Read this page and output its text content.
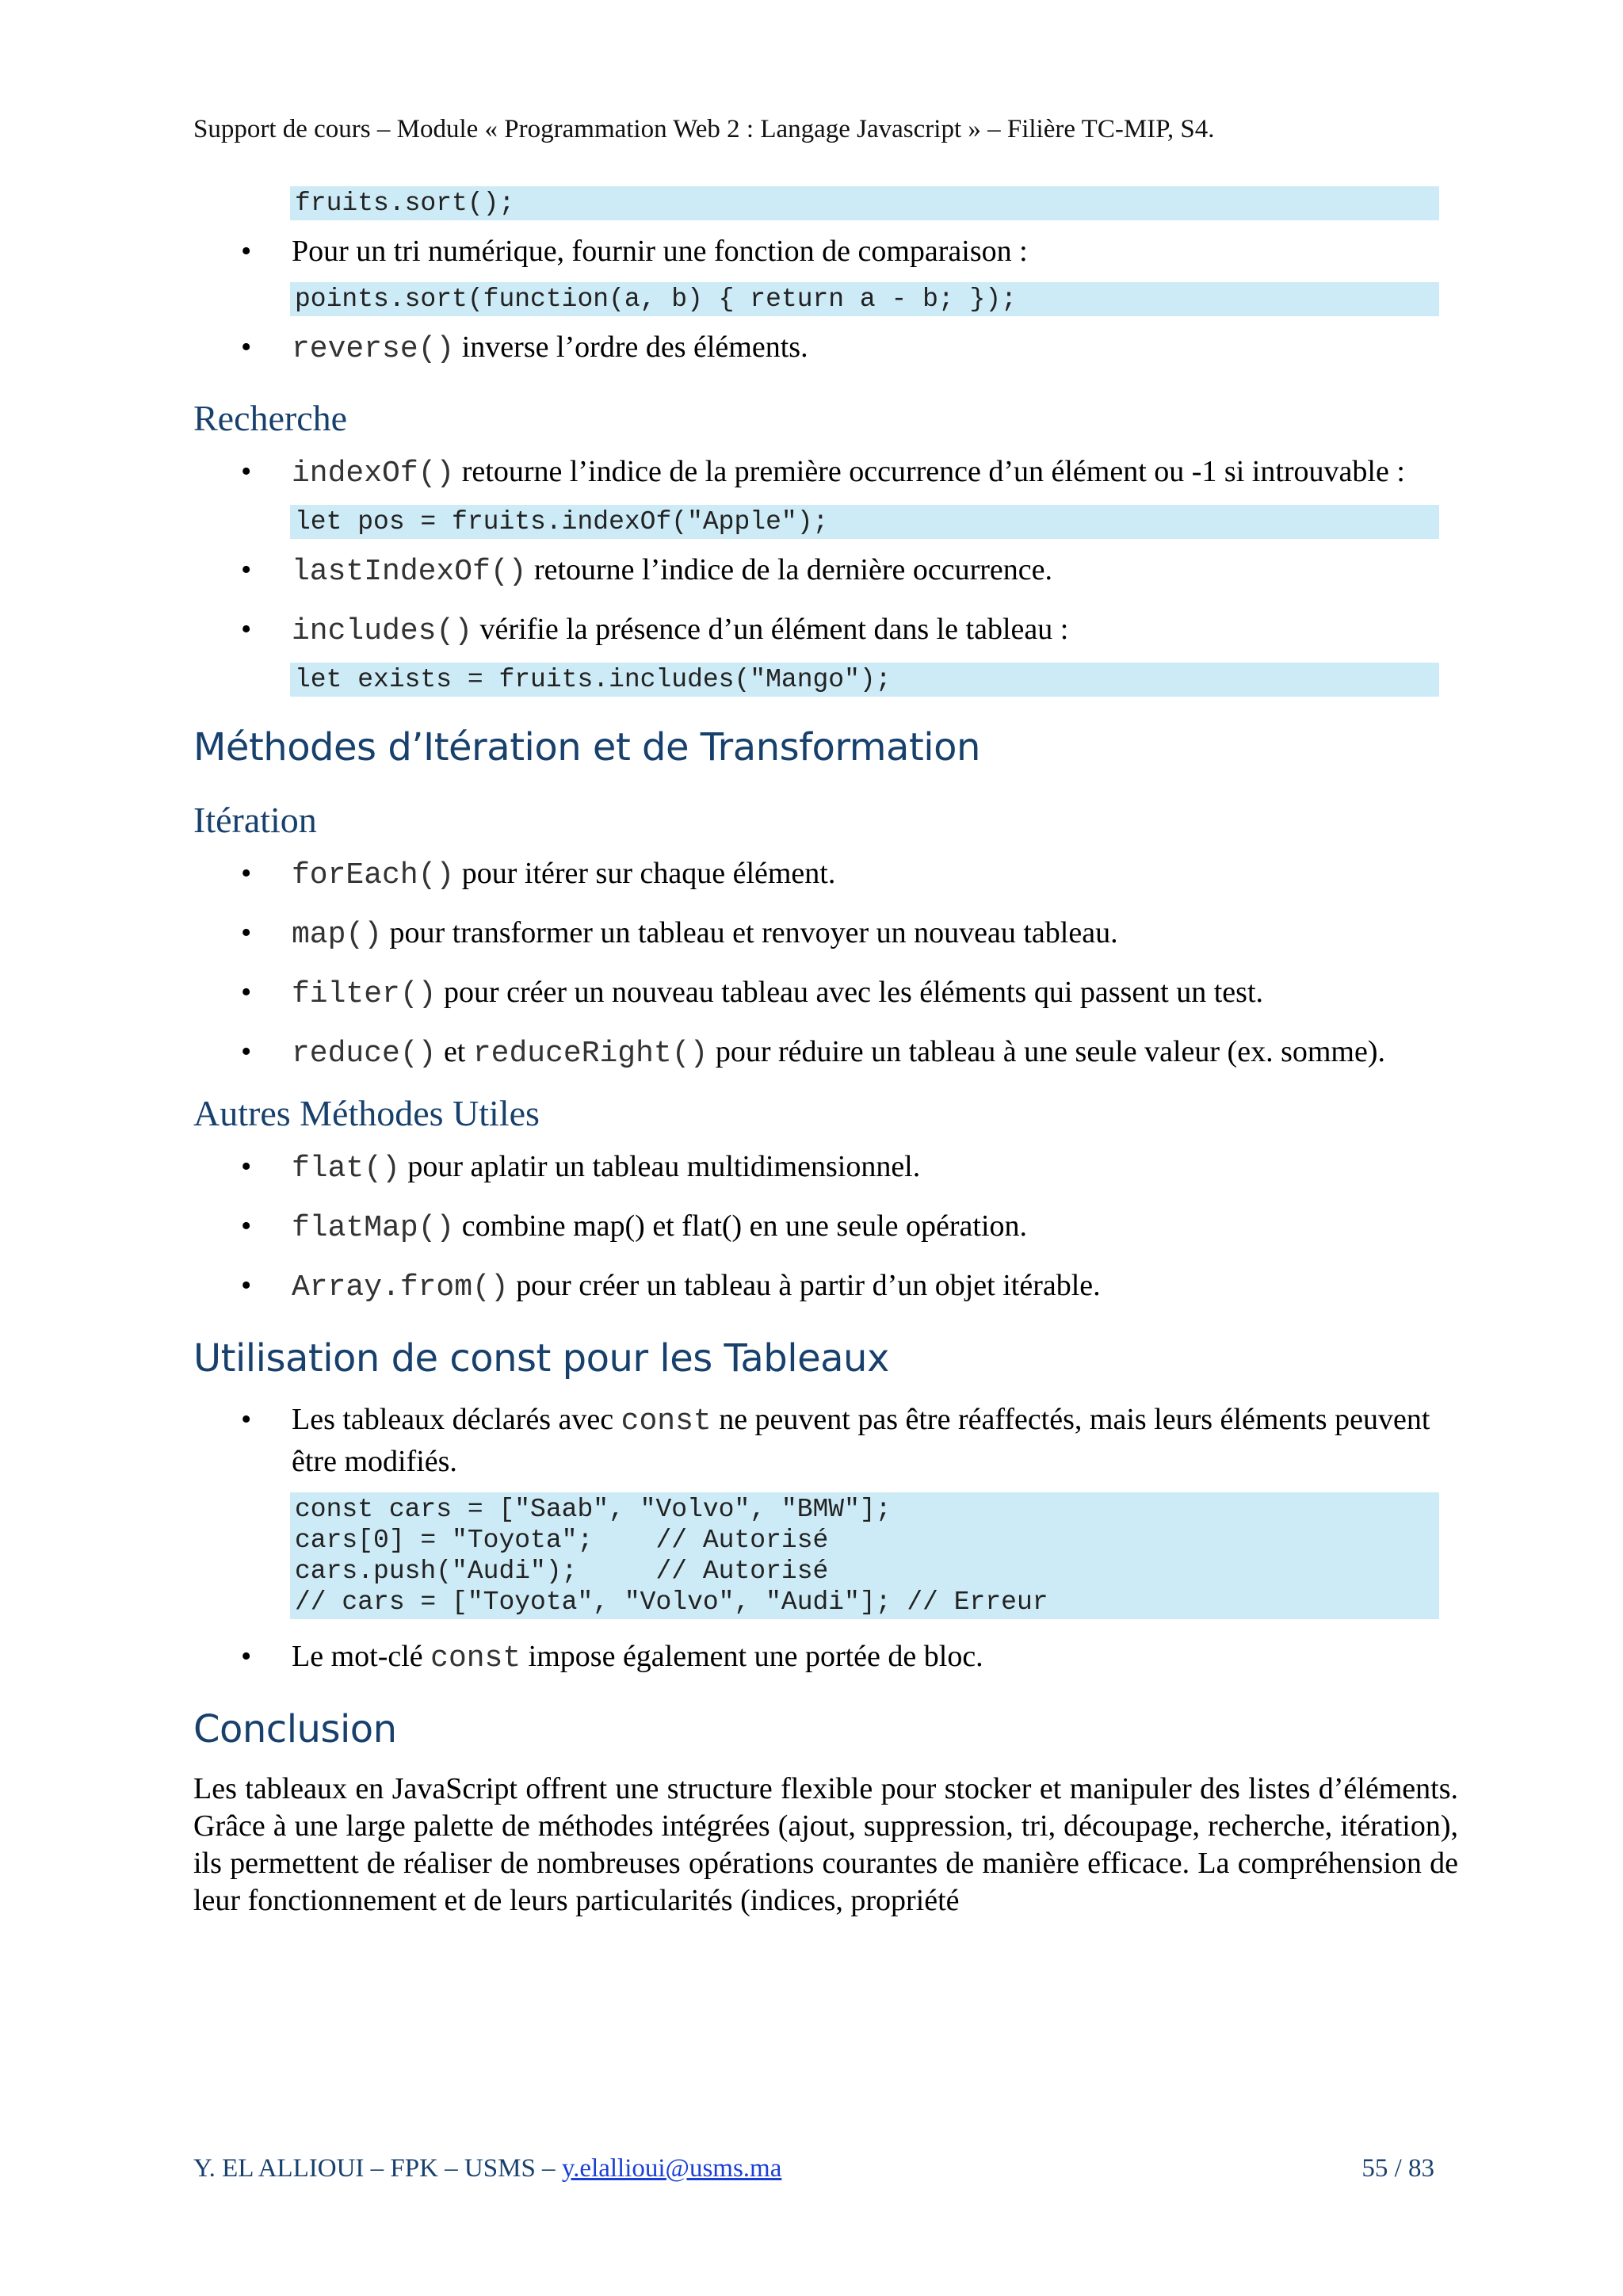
Support de cours – Module « Programmation Web 2 : Langage Javascript » – Filière TC-MIP, S4.
fruits.sort();
• Pour un tri numérique, fournir une fonction de comparaison :
points.sort(function(a, b) { return a - b; });
• reverse() inverse l’ordre des éléments.
Recherche
• indexOf() retourne l’indice de la première occurrence d’un élément ou -1 si introuvable :
let pos = fruits.indexOf("Apple");
• lastIndexOf() retourne l’indice de la dernière occurrence.
• includes() vérifie la présence d’un élément dans le tableau :
let exists = fruits.includes("Mango");
Méthodes d’Itération et de Transformation
Itération
• forEach() pour itérer sur chaque élément.
• map() pour transformer un tableau et renvoyer un nouveau tableau.
• filter() pour créer un nouveau tableau avec les éléments qui passent un test.
• reduce() et reduceRight() pour réduire un tableau à une seule valeur (ex. somme).
Autres Méthodes Utiles
• flat() pour aplatir un tableau multidimensionnel.
• flatMap() combine map() et flat() en une seule opération.
• Array.from() pour créer un tableau à partir d’un objet itérable.
Utilisation de const pour les Tableaux
• Les tableaux déclarés avec const ne peuvent pas être réaffectés, mais leurs éléments peuvent être modifiés.
const cars = ["Saab", "Volvo", "BMW"];
cars[0] = "Toyota";    // Autorisé
cars.push("Audi");     // Autorisé
// cars = ["Toyota", "Volvo", "Audi"]; // Erreur
• Le mot-clé const impose également une portée de bloc.
Conclusion

Les tableaux en JavaScript offrent une structure flexible pour stocker et manipuler des listes d’éléments. Grâce à une large palette de méthodes intégrées (ajout, suppression, tri, découpage, recherche, itération), ils permettent de réaliser de nombreuses opérations courantes de manière efficace. La compréhension de leur fonctionnement et de leurs particularités (indices, propriété

Y. EL ALLIOUI – FPK – USMS – y.elallioui@usms.ma	55 / 83
